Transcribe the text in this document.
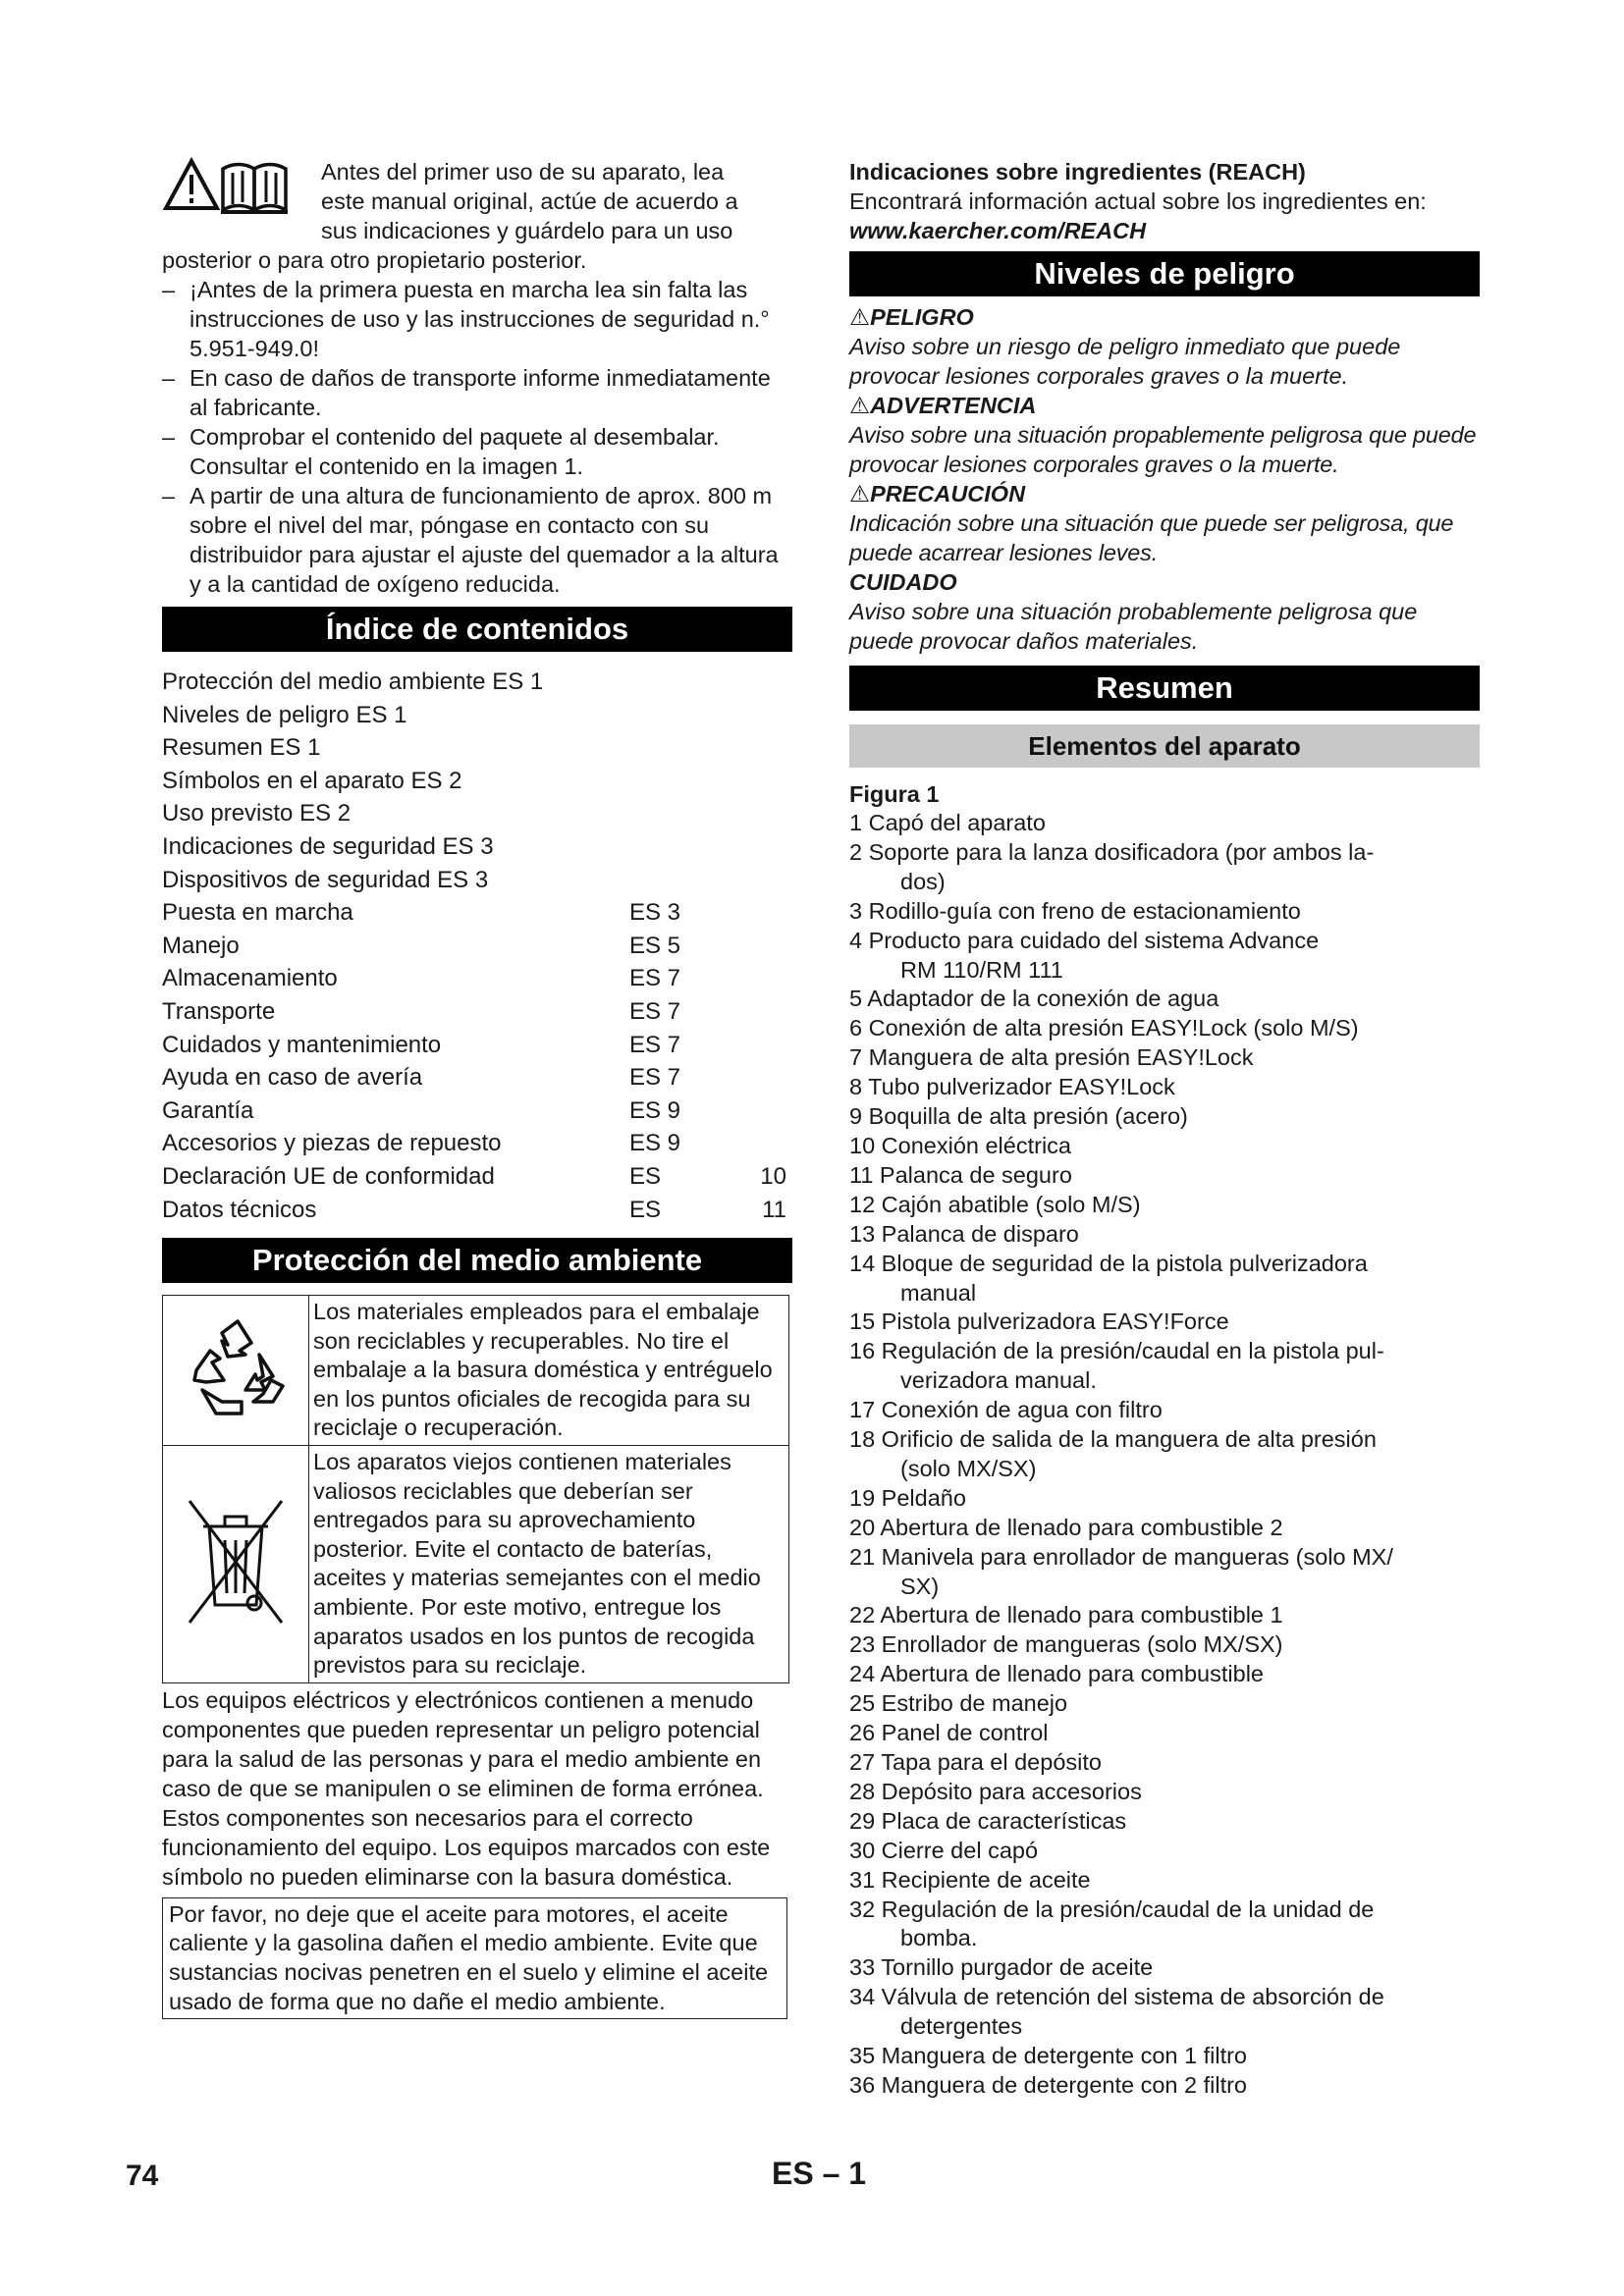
Antes del primer uso de su aparato, lea
este manual original, actúe de acuerdo a
sus indicaciones y guárdelo para un uso
posterior o para otro propietario posterior.
– ¡Antes de la primera puesta en marcha lea sin falta las instrucciones de uso y las instrucciones de seguridad n.° 5.951-949.0!
– En caso de daños de transporte informe inmediatamente al fabricante.
– Comprobar el contenido del paquete al desembalar. Consultar el contenido en la imagen 1.
– A partir de una altura de funcionamiento de aprox. 800 m sobre el nivel del mar, póngase en contacto con su distribuidor para ajustar el ajuste del quemador a la altura y a la cantidad de oxígeno reducida.
Índice de contenidos
Protección del medio ambiente ES 1
Niveles de peligro ES 1
Resumen ES 1
Símbolos en el aparato ES 2
Uso previsto ES 2
Indicaciones de seguridad ES 3
Dispositivos de seguridad ES 3
Puesta en marcha	ES 3
Manejo	ES 5
Almacenamiento	ES 7
Transporte	ES 7
Cuidados y mantenimiento	ES 7
Ayuda en caso de avería	ES 7
Garantía	ES 9
Accesorios y piezas de repuesto	ES 9
Declaración UE de conformidad	ES	10
Datos técnicos	ES	11
Protección del medio ambiente
Los materiales empleados para el embalaje son reciclables y recuperables. No tire el embalaje a la basura doméstica y entréguelo en los puntos oficiales de recogida para su reciclaje o recuperación.
Los aparatos viejos contienen materiales valiosos reciclables que deberían ser entregados para su aprovechamiento posterior. Evite el contacto de baterías, aceites y materias semejantes con el medio ambiente. Por este motivo, entregue los aparatos usados en los puntos de recogida previstos para su reciclaje.

Los equipos eléctricos y electrónicos contienen a menudo componentes que pueden representar un peligro potencial para la salud de las personas y para el medio ambiente en caso de que se manipulen o se eliminen de forma errónea. Estos componentes son necesarios para el correcto funcionamiento del equipo. Los equipos marcados con este símbolo no pueden eliminarse con la basura doméstica.

Por favor, no deje que el aceite para motores, el aceite caliente y la gasolina dañen el medio ambiente. Evite que sustancias nocivas penetren en el suelo y elimine el aceite usado de forma que no dañe el medio ambiente.
Indicaciones sobre ingredientes (REACH)
Encontrará información actual sobre los ingredientes en:
www.kaercher.com/REACH
Niveles de peligro
⚠PELIGRO
Aviso sobre un riesgo de peligro inmediato que puede provocar lesiones corporales graves o la muerte.
⚠ADVERTENCIA
Aviso sobre una situación propablemente peligrosa que puede provocar lesiones corporales graves o la muerte.
⚠PRECAUCIÓN
Indicación sobre una situación que puede ser peligrosa, que puede acarrear lesiones leves.
CUIDADO
Aviso sobre una situación probablemente peligrosa que puede provocar daños materiales.
Resumen
Elementos del aparato
Figura 1
1 Capó del aparato
2 Soporte para la lanza dosificadora (por ambos la-
dos)
3 Rodillo-guía con freno de estacionamiento
4 Producto para cuidado del sistema Advance
RM 110/RM 111
5 Adaptador de la conexión de agua
6 Conexión de alta presión EASY!Lock (solo M/S)
7 Manguera de alta presión EASY!Lock
8 Tubo pulverizador EASY!Lock
9 Boquilla de alta presión (acero)
10 Conexión eléctrica
11 Palanca de seguro
12 Cajón abatible (solo M/S)
13 Palanca de disparo
14 Bloque de seguridad de la pistola pulverizadora
manual
15 Pistola pulverizadora EASY!Force
16 Regulación de la presión/caudal en la pistola pul-
verizadora manual.
17 Conexión de agua con filtro
18 Orificio de salida de la manguera de alta presión
(solo MX/SX)
19 Peldaño
20 Abertura de llenado para combustible 2
21 Manivela para enrollador de mangueras (solo MX/
SX)
22 Abertura de llenado para combustible 1
23 Enrollador de mangueras (solo MX/SX)
24 Abertura de llenado para combustible
25 Estribo de manejo
26 Panel de control
27 Tapa para el depósito
28 Depósito para accesorios
29 Placa de características
30 Cierre del capó
31 Recipiente de aceite
32 Regulación de la presión/caudal de la unidad de
bomba.
33 Tornillo purgador de aceite
34 Válvula de retención del sistema de absorción de
detergentes
35 Manguera de detergente con 1 filtro
36 Manguera de detergente con 2 filtro
74	ES – 1
